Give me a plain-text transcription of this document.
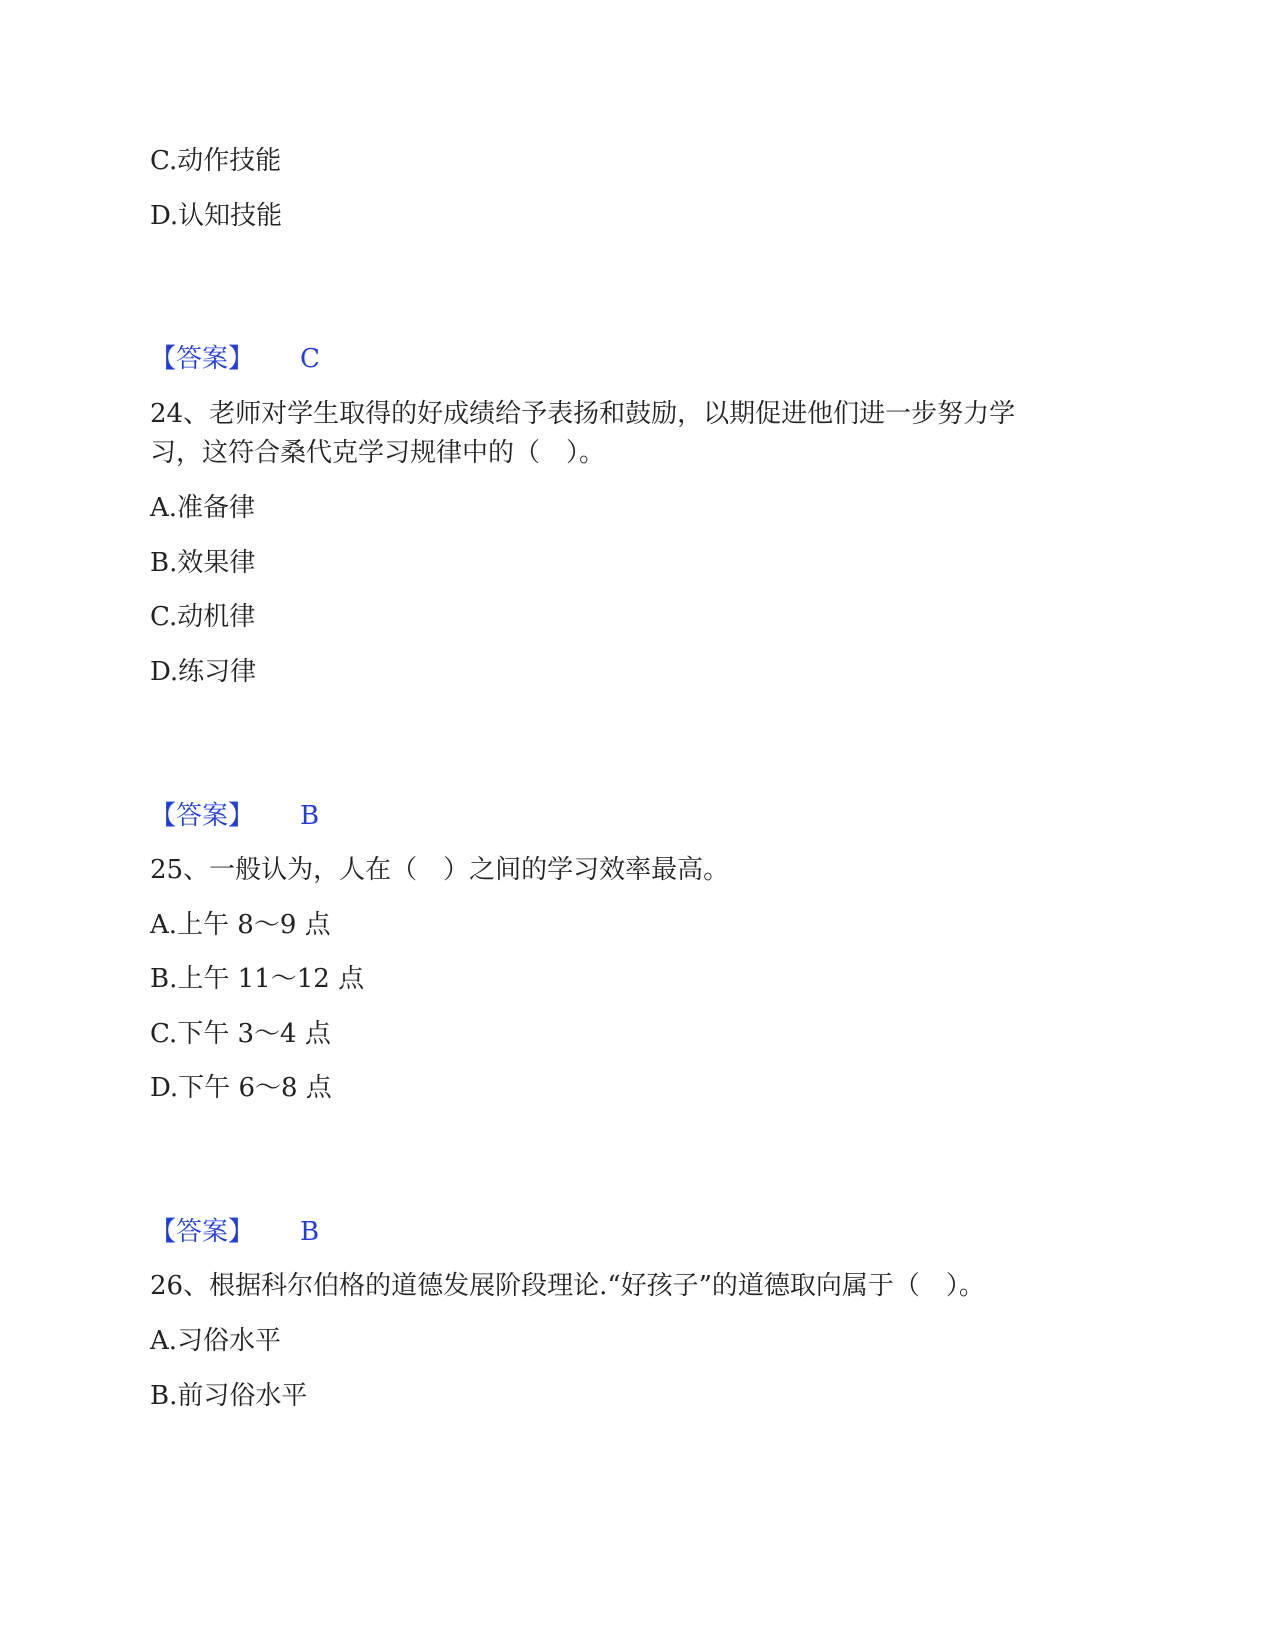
C.动作技能
D.认知技能
【答案】 C
24、老师对学生取得的好成绩给予表扬和鼓励，以期促进他们进一步努力学
习，这符合桑代克学习规律中的（　）。
A.准备律
B.效果律
C.动机律
D.练习律
【答案】 B
25、一般认为，人在（　）之间的学习效率最高。
A.上午 8～9 点
B.上午 11～12 点
C.下午 3～4 点
D.下午 6～8 点
【答案】 B
26、根据科尔伯格的道德发展阶段理论.“好孩子”的道德取向属于（　）。
A.习俗水平
B.前习俗水平
